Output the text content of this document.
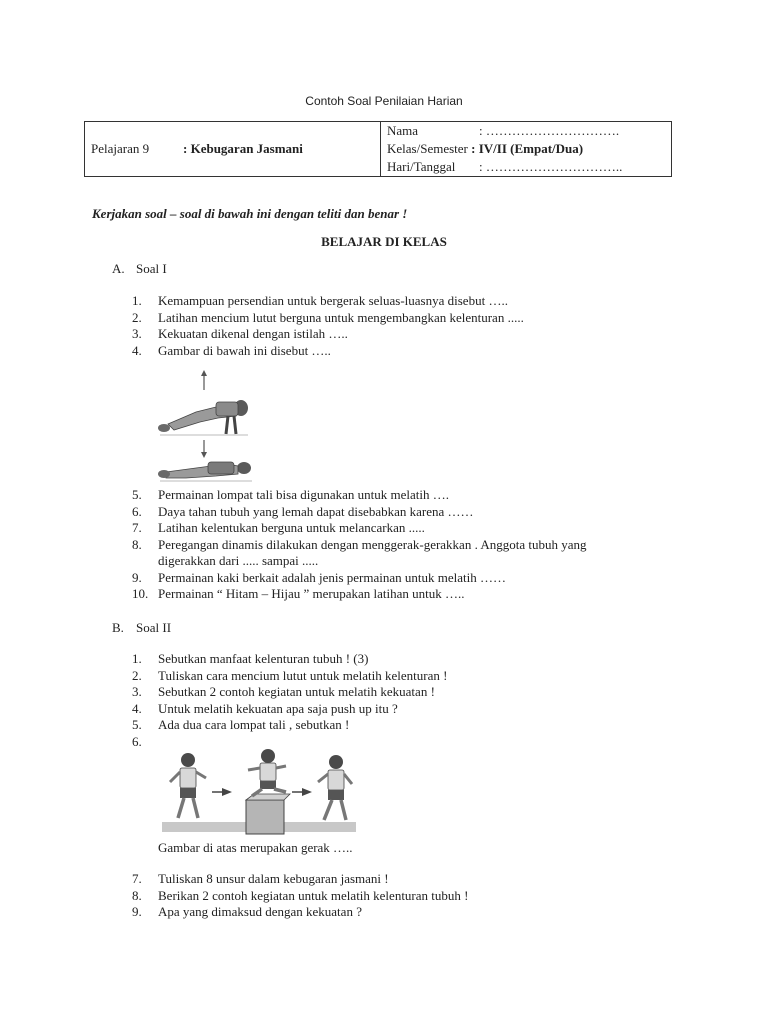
Contoh Soal Penilaian Harian
Pelajaran 9	: Kebugaran Jasmani	
Nama	: ………………………….
Kelas/Semester : IV/II (Empat/Dua)
Hari/Tanggal : …………………………..
Kerjakan soal – soal di bawah ini dengan teliti dan benar !
BELAJAR DI KELAS
A. Soal I
1.	Kemampuan persendian untuk bergerak seluas-luasnya disebut …..
2.	Latihan mencium lutut berguna untuk mengembangkan kelenturan .....
3.	Kekuatan dikenal dengan istilah …..
4.	Gambar di bawah ini disebut …..
5.	Permainan lompat tali bisa digunakan untuk melatih ….
6.	Daya tahan tubuh yang lemah dapat disebabkan karena ……
7.	Latihan kelentukan berguna untuk melancarkan .....
8.	Peregangan dinamis dilakukan dengan menggerak-gerakkan . Anggota tubuh yang digerakkan dari ..... sampai .....
9.	Permainan kaki berkait adalah jenis permainan untuk melatih ……
10. Permainan “ Hitam – Hijau ” merupakan latihan untuk …..
B. Soal II
1.	Sebutkan manfaat kelenturan tubuh ! (3)
2.	Tuliskan cara mencium lutut untuk melatih kelenturan !
3.	Sebutkan 2 contoh kegiatan untuk melatih kekuatan !
4.	Untuk melatih kekuatan apa saja push up itu ?
5.	Ada dua cara lompat tali , sebutkan !
6.
Gambar di atas merupakan gerak …..
7.	Tuliskan 8 unsur dalam kebugaran jasmani !
8.	Berikan 2 contoh kegiatan untuk melatih kelenturan tubuh !
9.	Apa yang dimaksud dengan kekuatan ?
